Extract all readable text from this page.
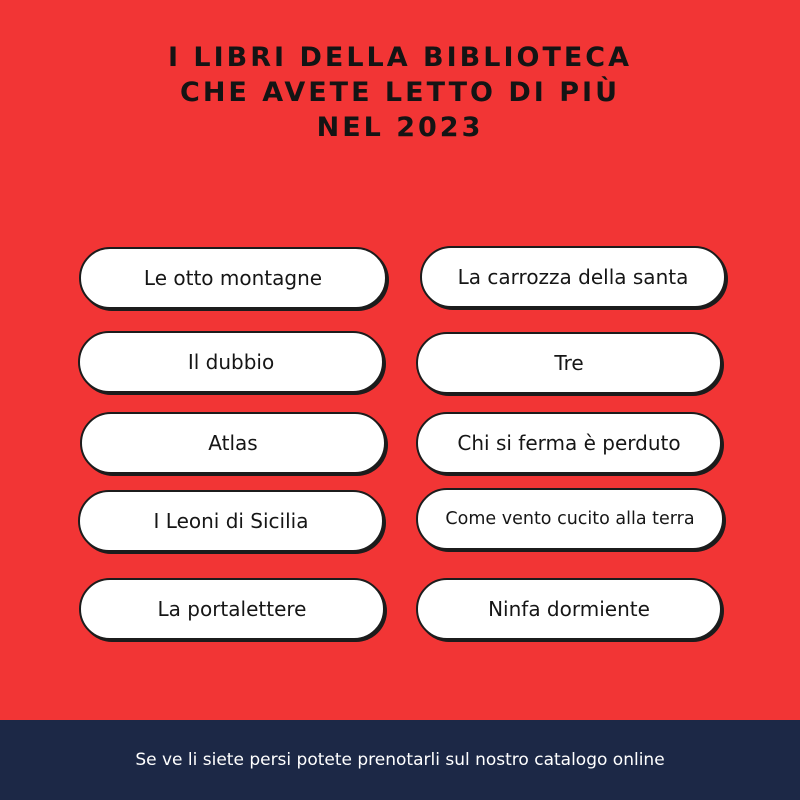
I LIBRI DELLA BIBLIOTECA
CHE AVETE LETTO DI PIÙ
NEL 2023
Le otto montagne
Il dubbio
Atlas
I Leoni di Sicilia
La portalettere
La carrozza della santa
Tre
Chi si ferma è perduto
Come vento cucito alla terra
Ninfa dormiente
Se ve li siete persi potete prenotarli sul nostro catalogo online
